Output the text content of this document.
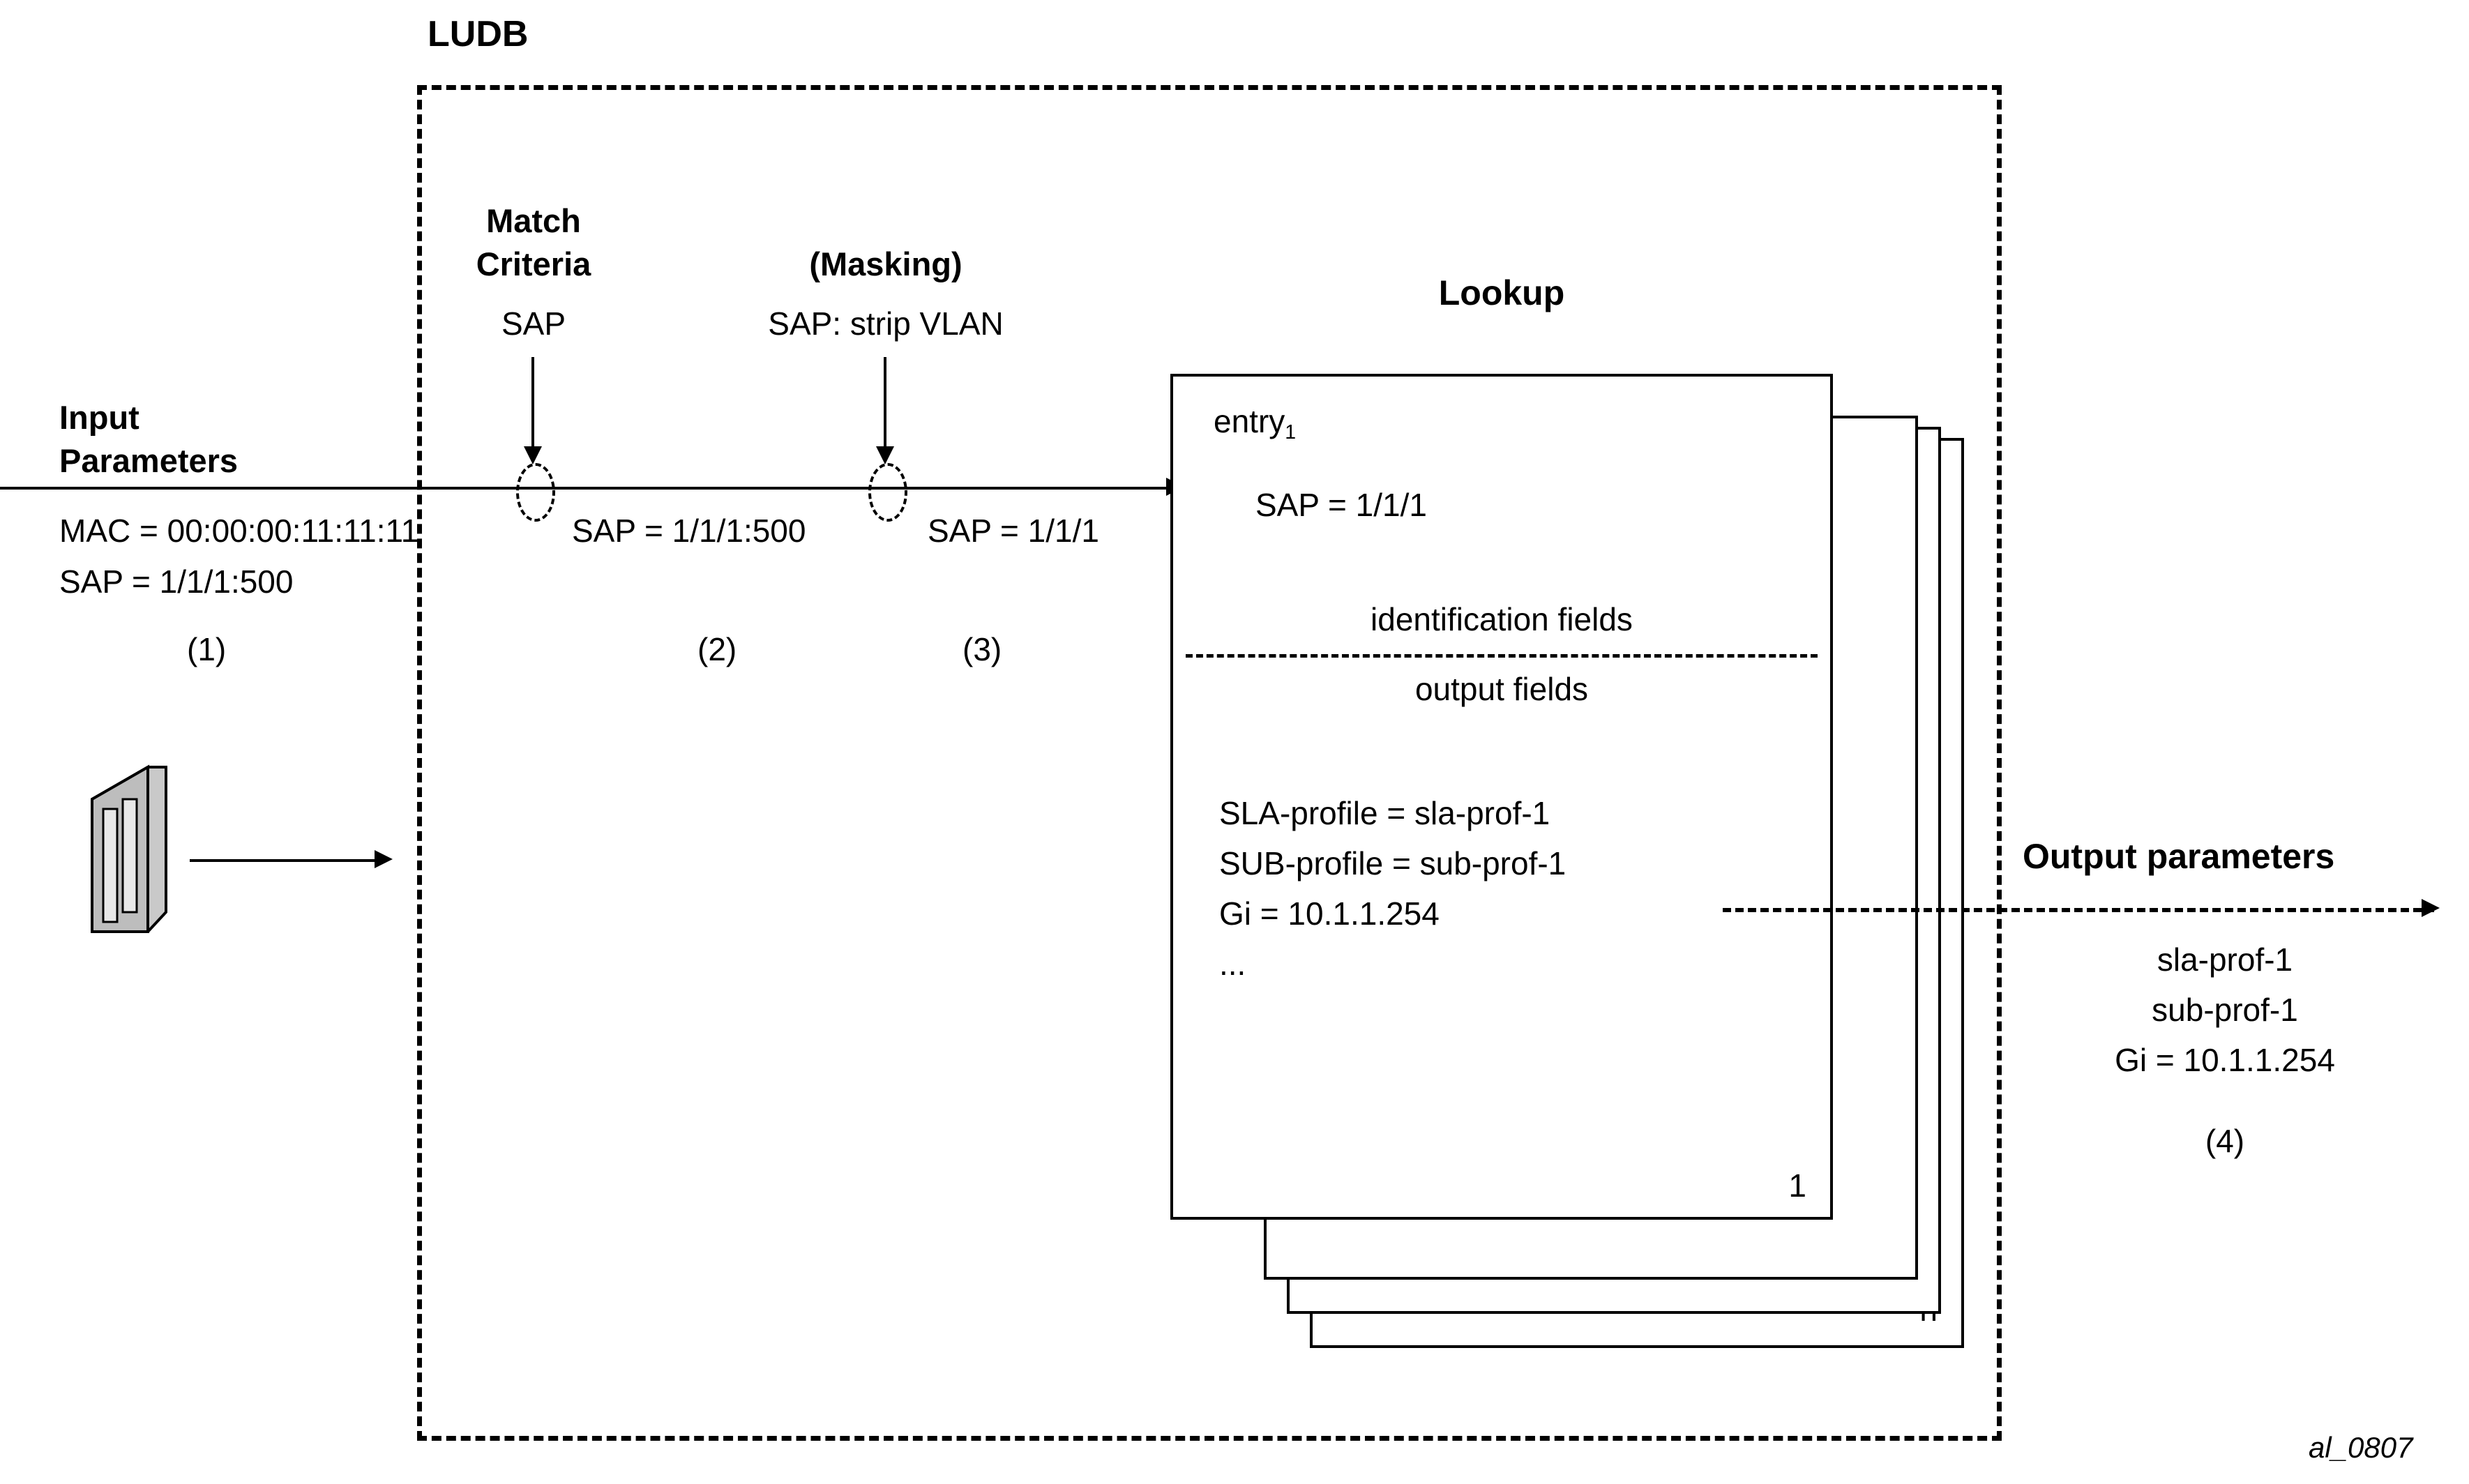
LUDB
Input
Parameters
MAC = 00:00:00:11:11:11
SAP = 1/1/1:500
(1)
Match
Criteria
SAP
SAP = 1/1/1:500
(2)
(Masking)
SAP: strip VLAN
SAP = 1/1/1
(3)
Lookup
1
entry$_1$
SAP = 1/1/1
identification fields
output fields
SLA-profile = sla-prof-1
SUB-profile = sub-prof-1
Gi = 10.1.1.254
...
Output parameters
sla-prof-1
sub-prof-1
Gi = 10.1.1.254
(4)
al_0807
